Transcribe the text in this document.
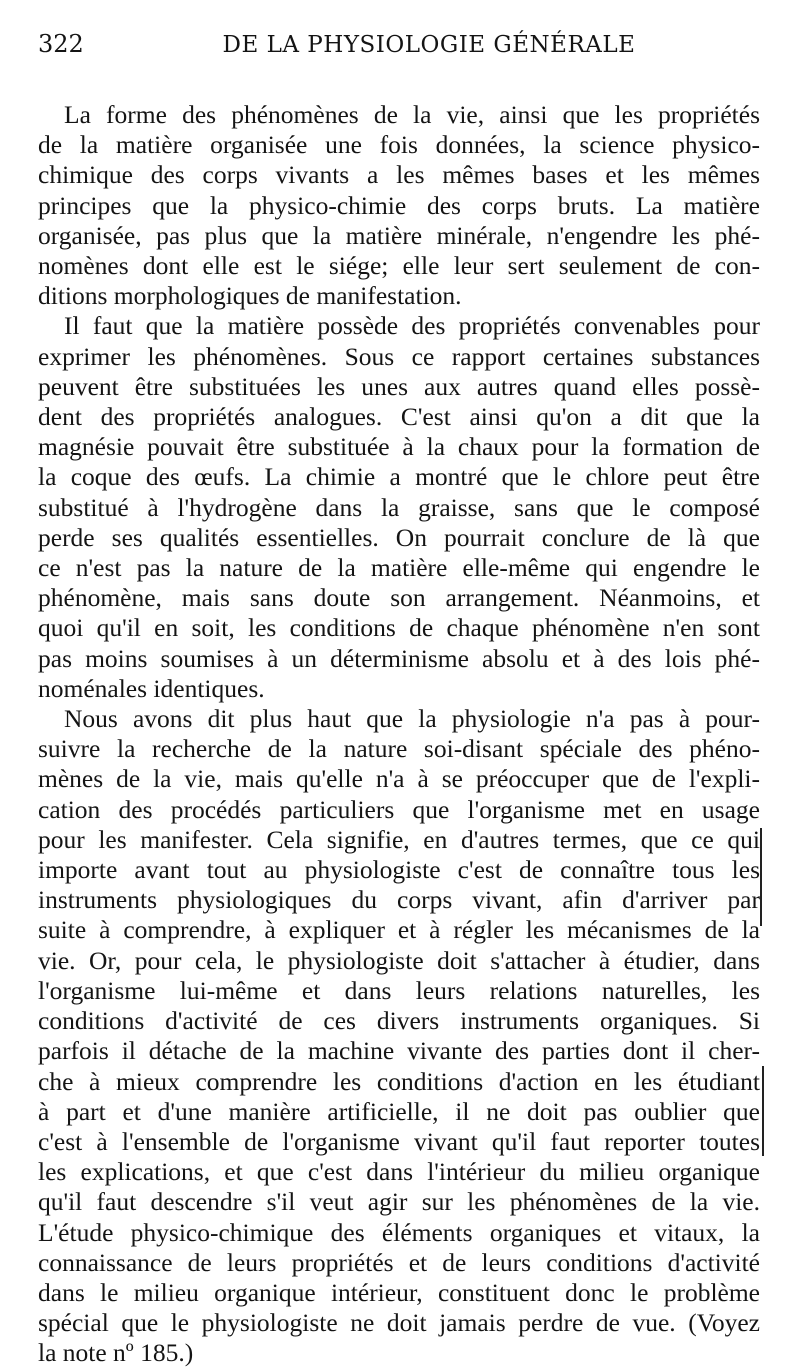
322	DE LA PHYSIOLOGIE GÉNÉRALE
La forme des phénomènes de la vie, ainsi que les propriétés
de la matière organisée une fois données, la science physico-
chimique des corps vivants a les mêmes bases et les mêmes
principes que la physico-chimie des corps bruts. La matière
organisée, pas plus que la matière minérale, n'engendre les phé-
nomènes dont elle est le siége; elle leur sert seulement de con-
ditions morphologiques de manifestation.
Il faut que la matière possède des propriétés convenables pour
exprimer les phénomènes. Sous ce rapport certaines substances
peuvent être substituées les unes aux autres quand elles possè-
dent des propriétés analogues. C'est ainsi qu'on a dit que la
magnésie pouvait être substituée à la chaux pour la formation de
la coque des œufs. La chimie a montré que le chlore peut être
substitué à l'hydrogène dans la graisse, sans que le composé
perde ses qualités essentielles. On pourrait conclure de là que
ce n'est pas la nature de la matière elle-même qui engendre le
phénomène, mais sans doute son arrangement. Néanmoins, et
quoi qu'il en soit, les conditions de chaque phénomène n'en sont
pas moins soumises à un déterminisme absolu et à des lois phé-
noménales identiques.
Nous avons dit plus haut que la physiologie n'a pas à pour-
suivre la recherche de la nature soi-disant spéciale des phéno-
mènes de la vie, mais qu'elle n'a à se préoccuper que de l'expli-
cation des procédés particuliers que l'organisme met en usage
pour les manifester. Cela signifie, en d'autres termes, que ce qui
importe avant tout au physiologiste c'est de connaître tous les
instruments physiologiques du corps vivant, afin d'arriver par
suite à comprendre, à expliquer et à régler les mécanismes de la
vie. Or, pour cela, le physiologiste doit s'attacher à étudier, dans
l'organisme lui-même et dans leurs relations naturelles, les
conditions d'activité de ces divers instruments organiques. Si
parfois il détache de la machine vivante des parties dont il cher-
che à mieux comprendre les conditions d'action en les étudiant
à part et d'une manière artificielle, il ne doit pas oublier que
c'est à l'ensemble de l'organisme vivant qu'il faut reporter toutes
les explications, et que c'est dans l'intérieur du milieu organique
qu'il faut descendre s'il veut agir sur les phénomènes de la vie.
L'étude physico-chimique des éléments organiques et vitaux, la
connaissance de leurs propriétés et de leurs conditions d'activité
dans le milieu organique intérieur, constituent donc le problème
spécial que le physiologiste ne doit jamais perdre de vue. (Voyez
la note nº 185.)
